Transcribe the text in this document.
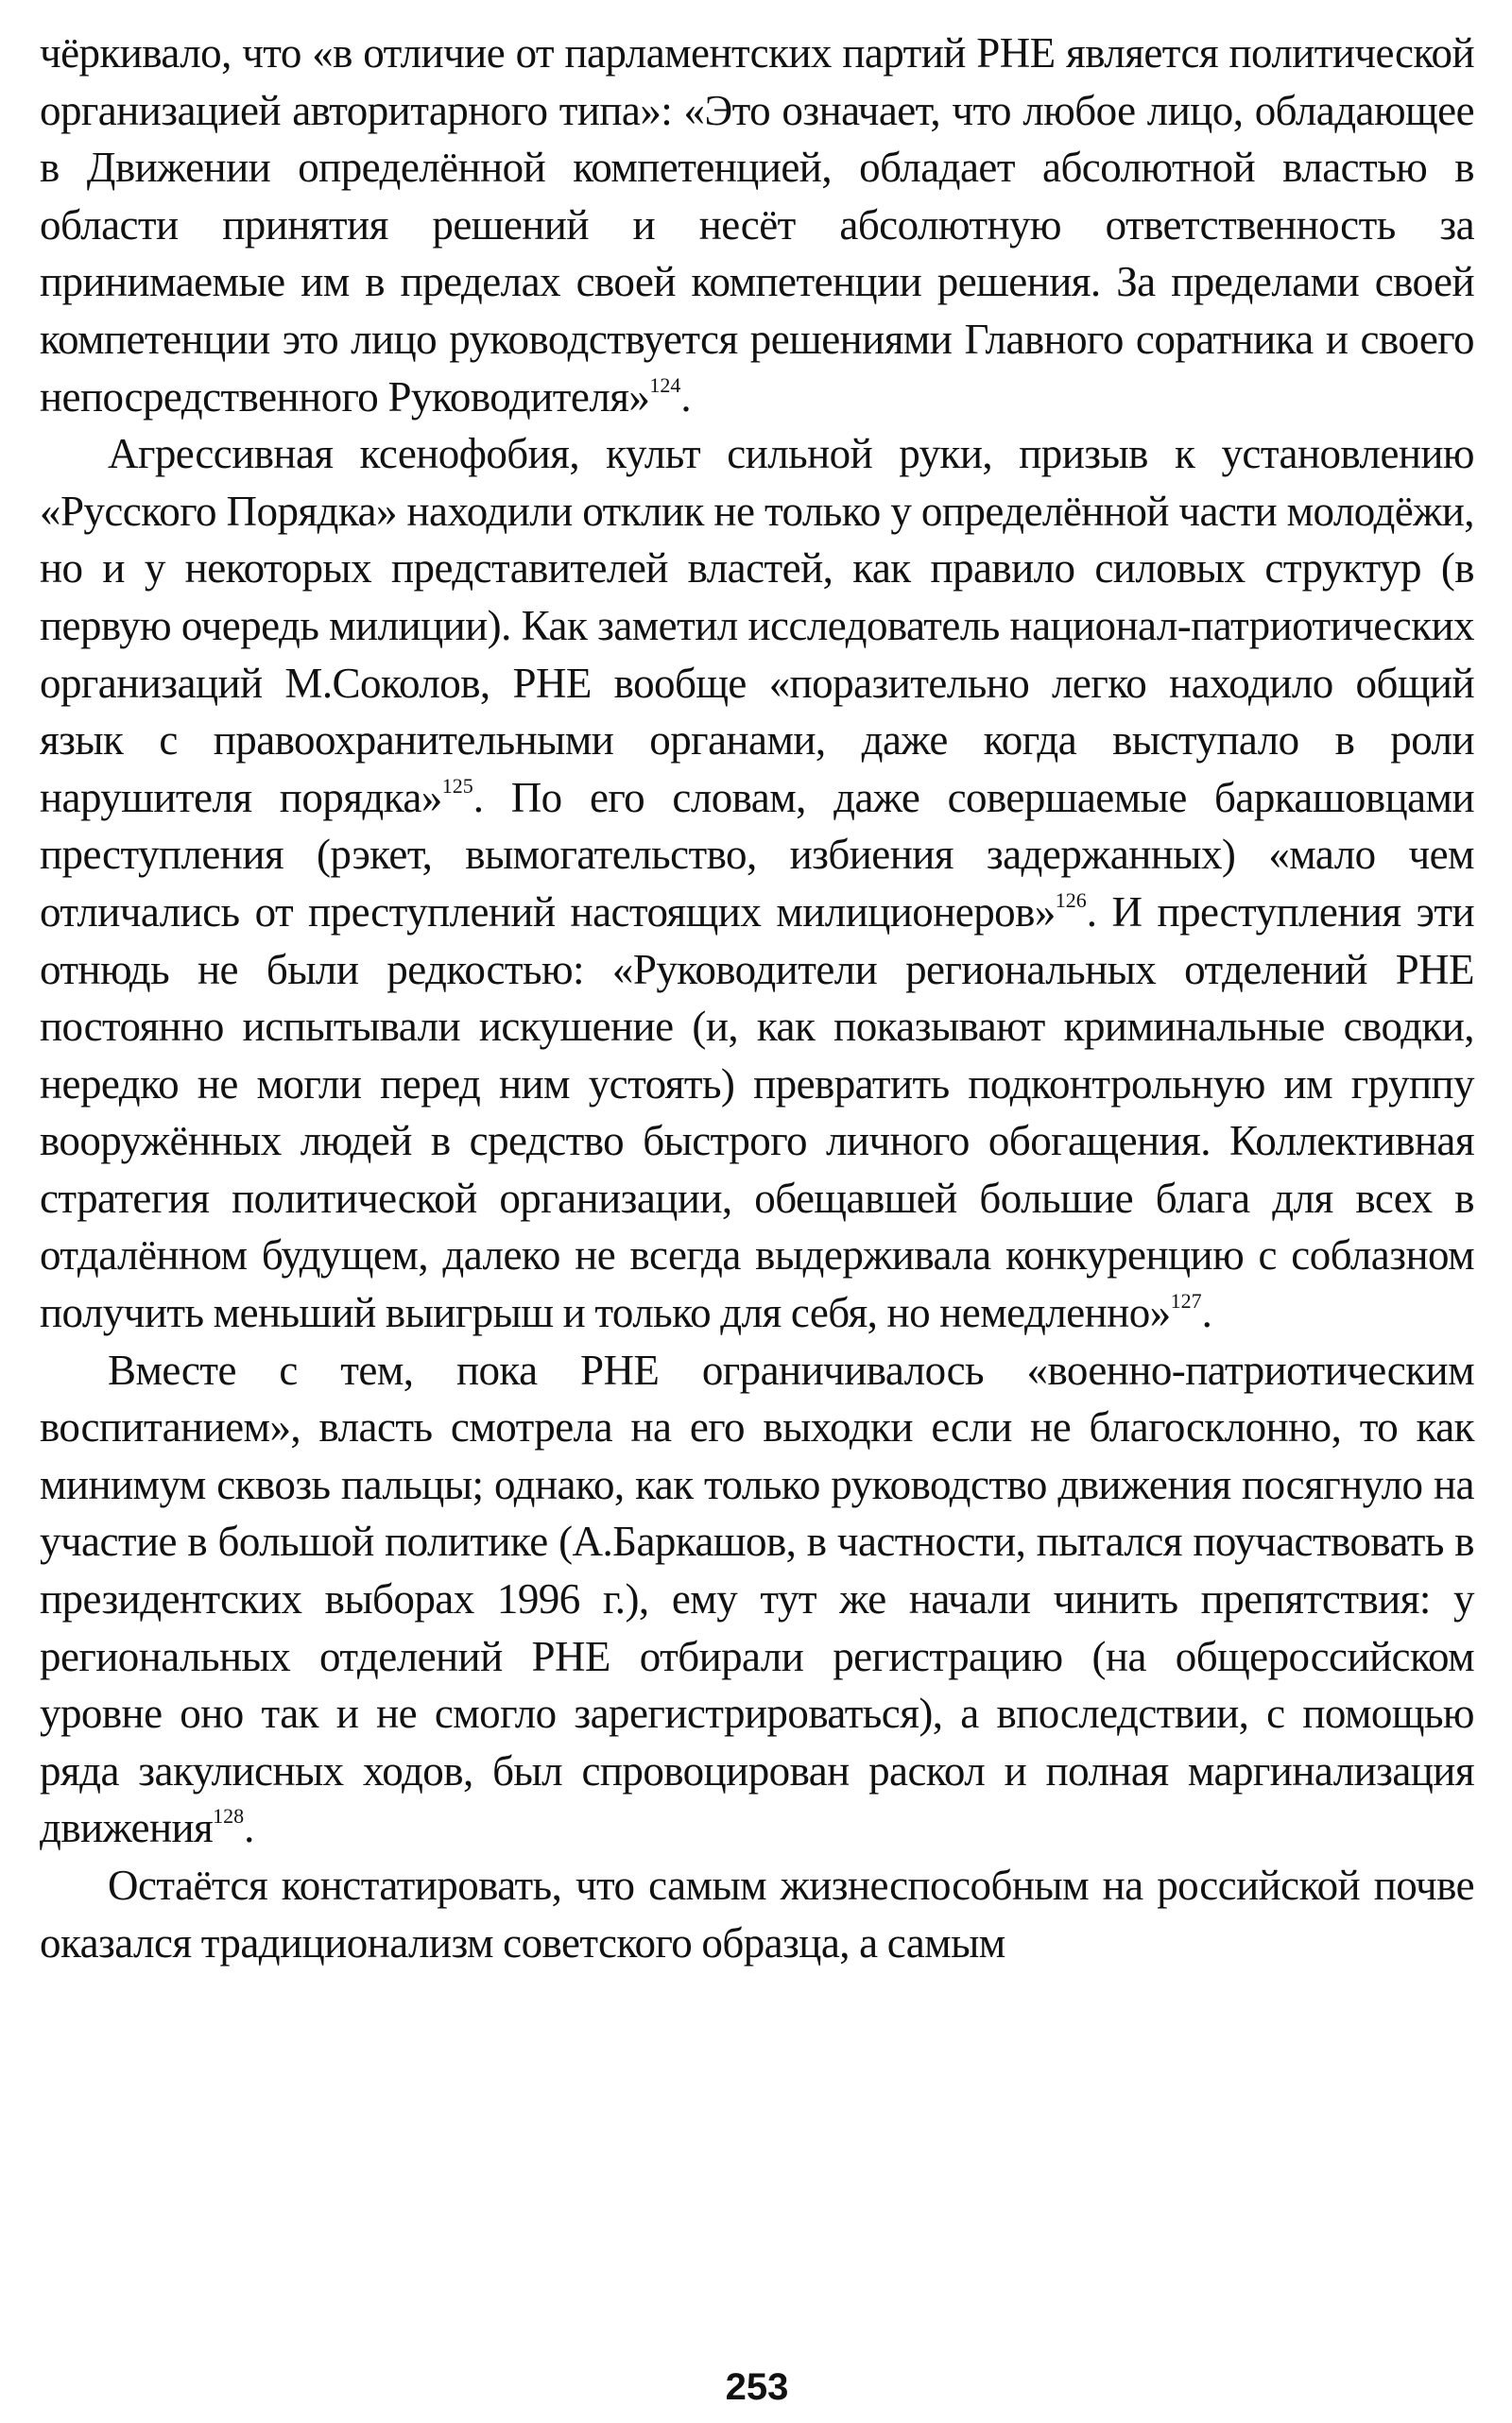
чёркивало, что «в отличие от парламентских партий РНЕ является политической организацией авторитарного типа»: «Это означает, что любое лицо, обладающее в Движении определённой компетенцией, обладает абсолютной властью в области принятия решений и несёт абсолютную ответственность за принимаемые им в пределах своей компетенции решения. За пределами своей компетенции это лицо руководствуется решениями Главного соратника и своего непосредственного Руководителя»$^{124}$.

Агрессивная ксенофобия, культ сильной руки, призыв к установлению «Русского Порядка» находили отклик не только у определённой части молодёжи, но и у некоторых представителей властей, как правило силовых структур (в первую очередь милиции). Как заметил исследователь национал-патриотических организаций М.Соколов, РНЕ вообще «поразительно легко находило общий язык с правоохранительными органами, даже когда выступало в роли нарушителя порядка»$^{125}$. По его словам, даже совершаемые баркашовцами преступления (рэкет, вымогательство, избиения задержанных) «мало чем отличались от преступлений настоящих милиционеров»$^{126}$. И преступления эти отнюдь не были редкостью: «Руководители региональных отделений РНЕ постоянно испытывали искушение (и, как показывают криминальные сводки, нередко не могли перед ним устоять) превратить подконтрольную им группу вооружённых людей в средство быстрого личного обогащения. Коллективная стратегия политической организации, обещавшей большие блага для всех в отдалённом будущем, далеко не всегда выдерживала конкуренцию с соблазном получить меньший выигрыш и только для себя, но немедленно»$^{127}$.

Вместе с тем, пока РНЕ ограничивалось «военно-патриотическим воспитанием», власть смотрела на его выходки если не благосклонно, то как минимум сквозь пальцы; однако, как только руководство движения посягнуло на участие в большой политике (А.Баркашов, в частности, пытался поучаствовать в президентских выборах 1996 г.), ему тут же начали чинить препятствия: у региональных отделений РНЕ отбирали регистрацию (на общероссийском уровне оно так и не смогло зарегистрироваться), а впоследствии, с помощью ряда закулисных ходов, был спровоцирован раскол и полная маргинализация движения$^{128}$.

Остаётся констатировать, что самым жизнеспособным на российской почве оказался традиционализм советского образца, а самым

253
